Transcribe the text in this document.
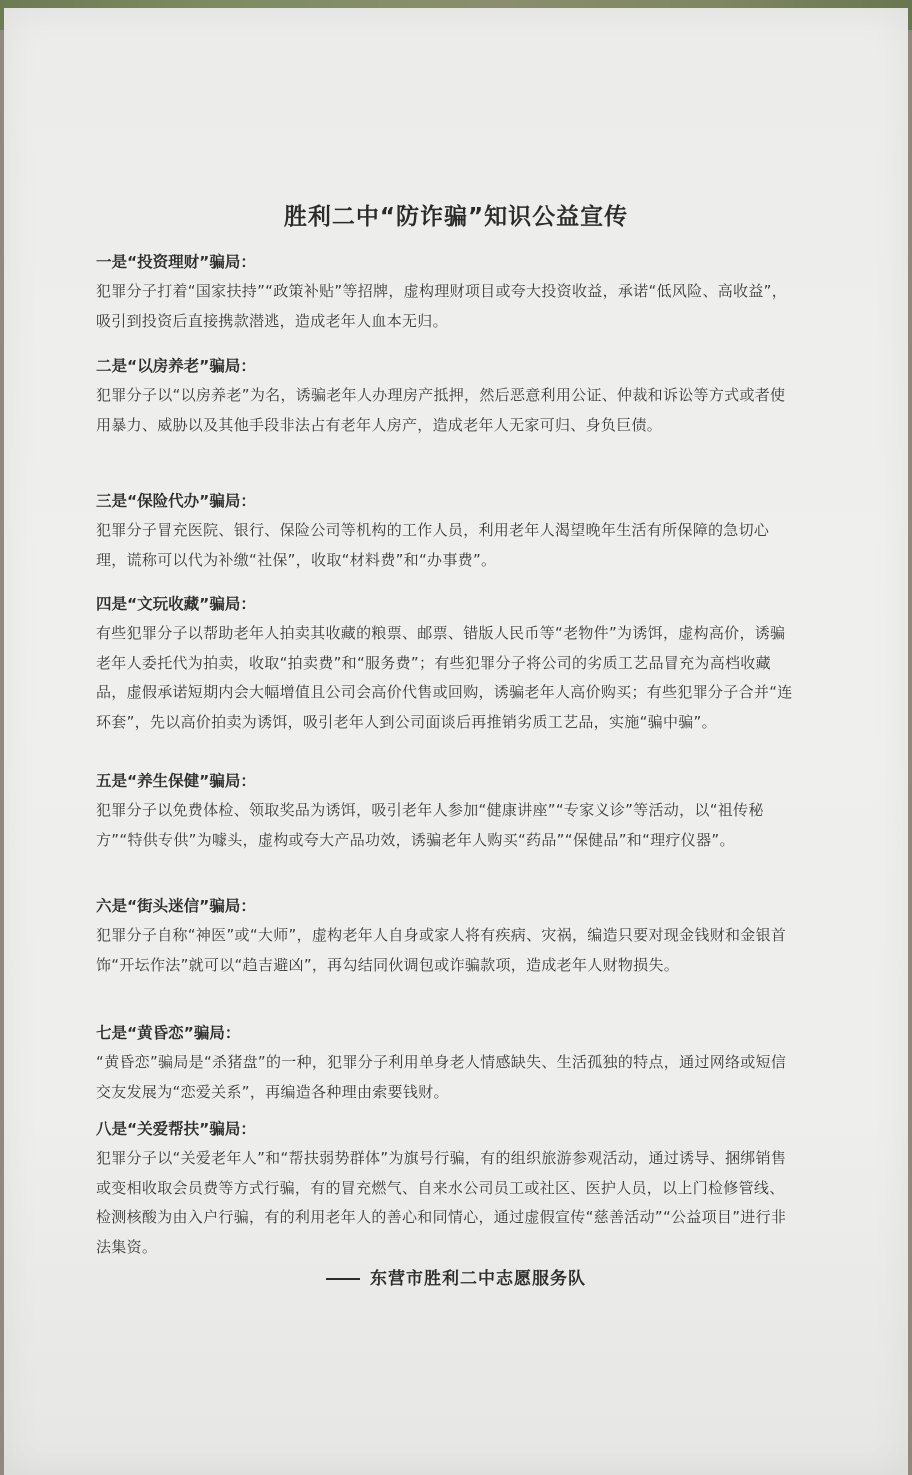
胜利二中“防诈骗”知识公益宣传

一是“投资理财”骗局：

犯罪分子打着“国家扶持”“政策补贴”等招牌，虚构理财项目或夸大投资收益，承诺“低风险、高收益”，吸引到投资后直接携款潜逃，造成老年人血本无归。

二是“以房养老”骗局：

犯罪分子以“以房养老”为名，诱骗老年人办理房产抵押，然后恶意利用公证、仲裁和诉讼等方式或者使用暴力、威胁以及其他手段非法占有老年人房产，造成老年人无家可归、身负巨债。

三是“保险代办”骗局：

犯罪分子冒充医院、银行、保险公司等机构的工作人员，利用老年人渴望晚年生活有所保障的急切心理，谎称可以代为补缴“社保”，收取“材料费”和“办事费”。

四是“文玩收藏”骗局：

有些犯罪分子以帮助老年人拍卖其收藏的粮票、邮票、错版人民币等“老物件”为诱饵，虚构高价，诱骗老年人委托代为拍卖，收取“拍卖费”和“服务费”；有些犯罪分子将公司的劣质工艺品冒充为高档收藏品，虚假承诺短期内会大幅增值且公司会高价代售或回购，诱骗老年人高价购买；有些犯罪分子合并“连环套”，先以高价拍卖为诱饵，吸引老年人到公司面谈后再推销劣质工艺品，实施“骗中骗”。

五是“养生保健”骗局：

犯罪分子以免费体检、领取奖品为诱饵，吸引老年人参加“健康讲座”“专家义诊”等活动，以“祖传秘方”“特供专供”为噱头，虚构或夸大产品功效，诱骗老年人购买“药品”“保健品”和“理疗仪器”。

六是“街头迷信”骗局：

犯罪分子自称“神医”或“大师”，虚构老年人自身或家人将有疾病、灾祸，编造只要对现金钱财和金银首饰“开坛作法”就可以“趋吉避凶”，再勾结同伙调包或诈骗款项，造成老年人财物损失。

七是“黄昏恋”骗局：

“黄昏恋”骗局是“杀猪盘”的一种，犯罪分子利用单身老人情感缺失、生活孤独的特点，通过网络或短信交友发展为“恋爱关系”，再编造各种理由索要钱财。

八是“关爱帮扶”骗局：

犯罪分子以“关爱老年人”和“帮扶弱势群体”为旗号行骗，有的组织旅游参观活动，通过诱导、捆绑销售或变相收取会员费等方式行骗，有的冒充燃气、自来水公司员工或社区、医护人员，以上门检修管线、检测核酸为由入户行骗，有的利用老年人的善心和同情心，通过虚假宣传“慈善活动”“公益项目”进行非法集资。

东营市胜利二中志愿服务队
